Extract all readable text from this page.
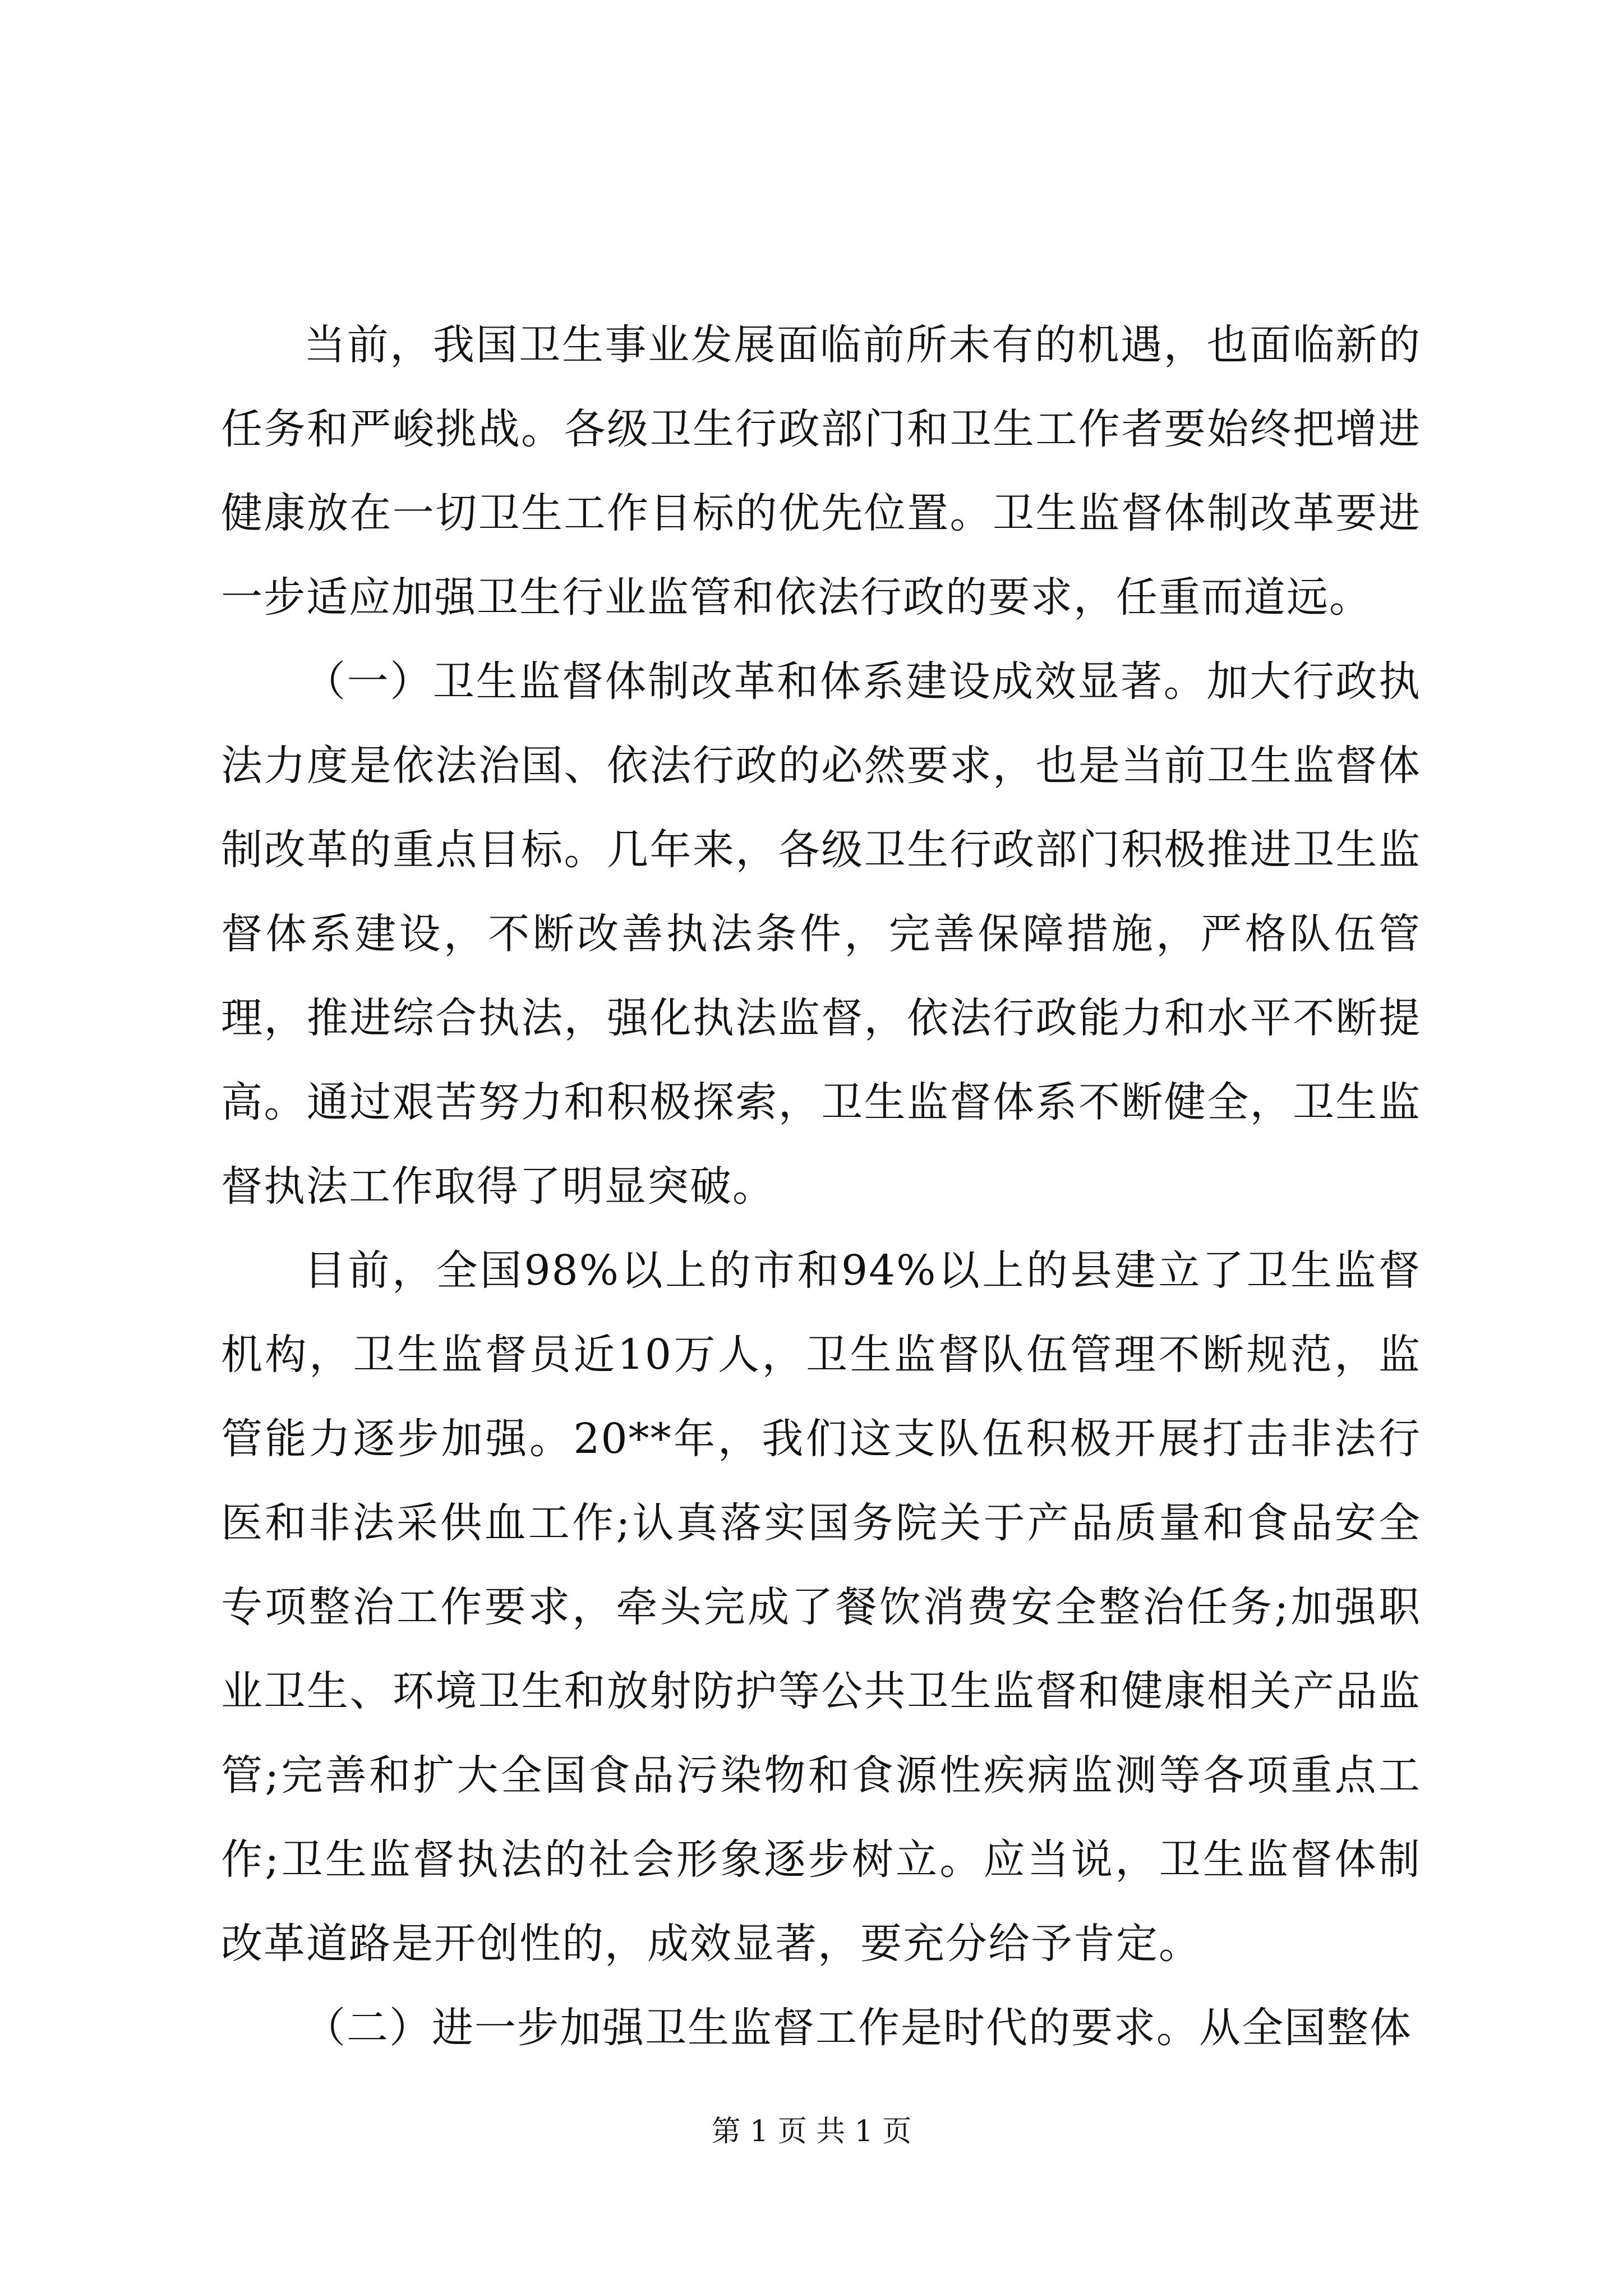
当前，我国卫生事业发展面临前所未有的机遇，也面临新的任务和严峻挑战。各级卫生行政部门和卫生工作者要始终把增进健康放在一切卫生工作目标的优先位置。卫生监督体制改革要进一步适应加强卫生行业监管和依法行政的要求，任重而道远。

（一）卫生监督体制改革和体系建设成效显著。加大行政执法力度是依法治国、依法行政的必然要求，也是当前卫生监督体制改革的重点目标。几年来，各级卫生行政部门积极推进卫生监督体系建设，不断改善执法条件，完善保障措施，严格队伍管理，推进综合执法，强化执法监督，依法行政能力和水平不断提高。通过艰苦努力和积极探索，卫生监督体系不断健全，卫生监督执法工作取得了明显突破。

目前，全国98%以上的市和94%以上的县建立了卫生监督机构，卫生监督员近10万人，卫生监督队伍管理不断规范，监管能力逐步加强。20**年，我们这支队伍积极开展打击非法行医和非法采供血工作;认真落实国务院关于产品质量和食品安全专项整治工作要求，牵头完成了餐饮消费安全整治任务;加强职业卫生、环境卫生和放射防护等公共卫生监督和健康相关产品监管;完善和扩大全国食品污染物和食源性疾病监测等各项重点工作;卫生监督执法的社会形象逐步树立。应当说，卫生监督体制改革道路是开创性的，成效显著，要充分给予肯定。

（二）进一步加强卫生监督工作是时代的要求。从全国整体

第 1 页 共 1 页
